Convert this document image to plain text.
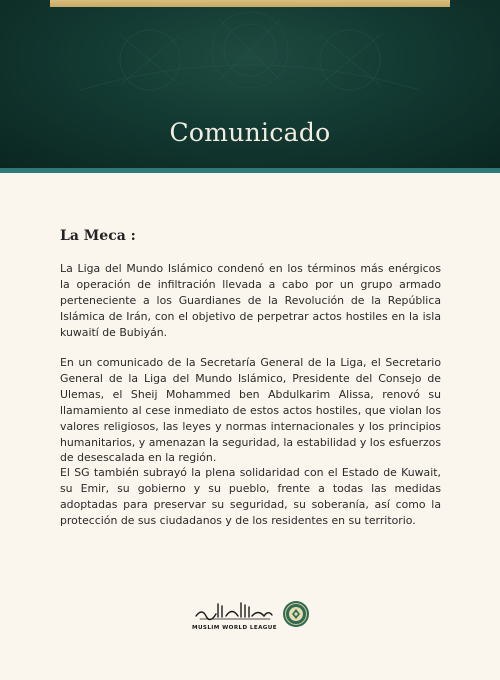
Comunicado
La Meca :

La Liga del Mundo Islámico condenó en los términos más enérgicos la operación de infiltración llevada a cabo por un grupo armado perteneciente a los Guardianes de la Revolución de la República Islámica de Irán, con el objetivo de perpetrar actos hostiles en la isla kuwaití de Bubiyán.

En un comunicado de la Secretaría General de la Liga, el Secretario General de la Liga del Mundo Islámico, Presidente del Consejo de Ulemas, el Sheij Mohammed ben Abdulkarim Alissa, renovó su llamamiento al cese inmediato de estos actos hostiles, que violan los valores religiosos, las leyes y normas internacionales y los principios humanitarios, y amenazan la seguridad, la estabilidad y los esfuerzos de desescalada en la región.

El SG también subrayó la plena solidaridad con el Estado de Kuwait, su Emir, su gobierno y su pueblo, frente a todas las medidas adoptadas para preservar su seguridad, su soberanía, así como la protección de sus ciudadanos y de los residentes en su territorio.

MUSLIM WORLD LEAGUE
